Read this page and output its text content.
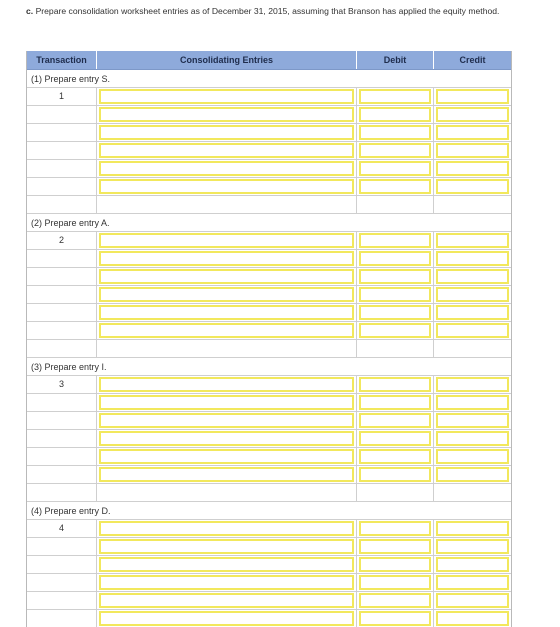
c. Prepare consolidation worksheet entries as of December 31, 2015, assuming that Branson has applied the equity method.
Transaction	Consolidating Entries	Debit	Credit
(1) Prepare entry S.
1
(2) Prepare entry A.
2
(3) Prepare entry I.
3
(4) Prepare entry D.
4
